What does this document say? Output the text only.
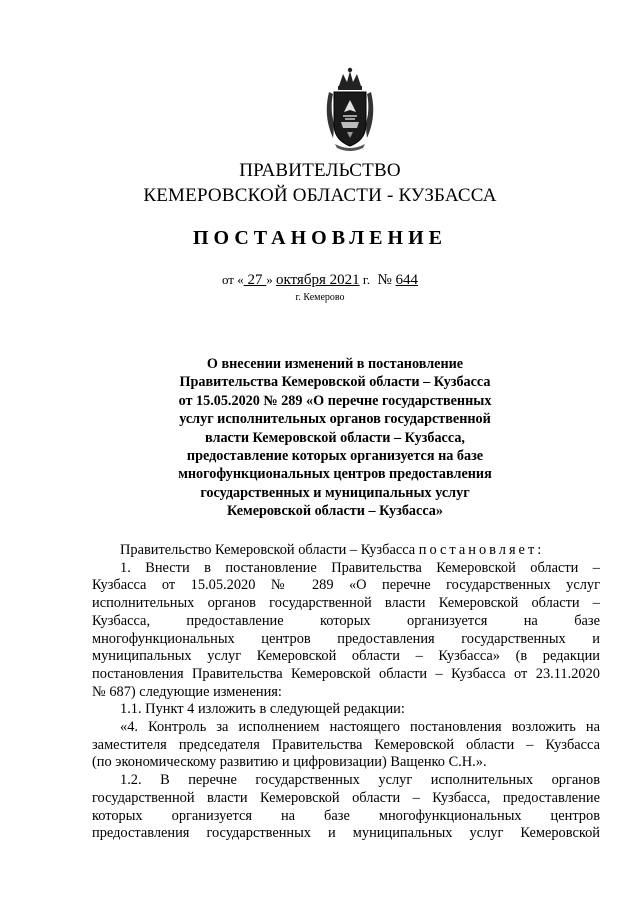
ПРАВИТЕЛЬСТВО
КЕМЕРОВСКОЙ ОБЛАСТИ - КУЗБАССА
ПОСТАНОВЛЕНИЕ
от « 27 » октября 2021 г.  № 644
г. Кемерово
О внесении изменений в постановление
Правительства Кемеровской области – Кузбасса
от 15.05.2020 № 289 «О перечне государственных
услуг исполнительных органов государственной
власти Кемеровской области – Кузбасса,
предоставление которых организуется на базе
многофункциональных центров предоставления
государственных и муниципальных услуг
Кемеровской области – Кузбасса»
Правительство Кемеровской области – Кузбасса постановляет:
1. Внести в постановление Правительства Кемеровской области –
Кузбасса от 15.05.2020 № 289 «О перечне государственных услуг
исполнительных органов государственной власти Кемеровской области –
Кузбасса, предоставление которых организуется на базе
многофункциональных центров предоставления государственных и
муниципальных услуг Кемеровской области – Кузбасса» (в редакции
постановления Правительства Кемеровской области – Кузбасса от 23.11.2020
№ 687) следующие изменения:
1.1. Пункт 4 изложить в следующей редакции:
«4. Контроль за исполнением настоящего постановления возложить на
заместителя председателя Правительства Кемеровской области – Кузбасса
(по экономическому развитию и цифровизации) Ващенко С.Н.».
1.2. В перечне государственных услуг исполнительных органов
государственной власти Кемеровской области – Кузбасса, предоставление
которых организуется на базе многофункциональных центров
предоставления государственных и муниципальных услуг Кемеровской
